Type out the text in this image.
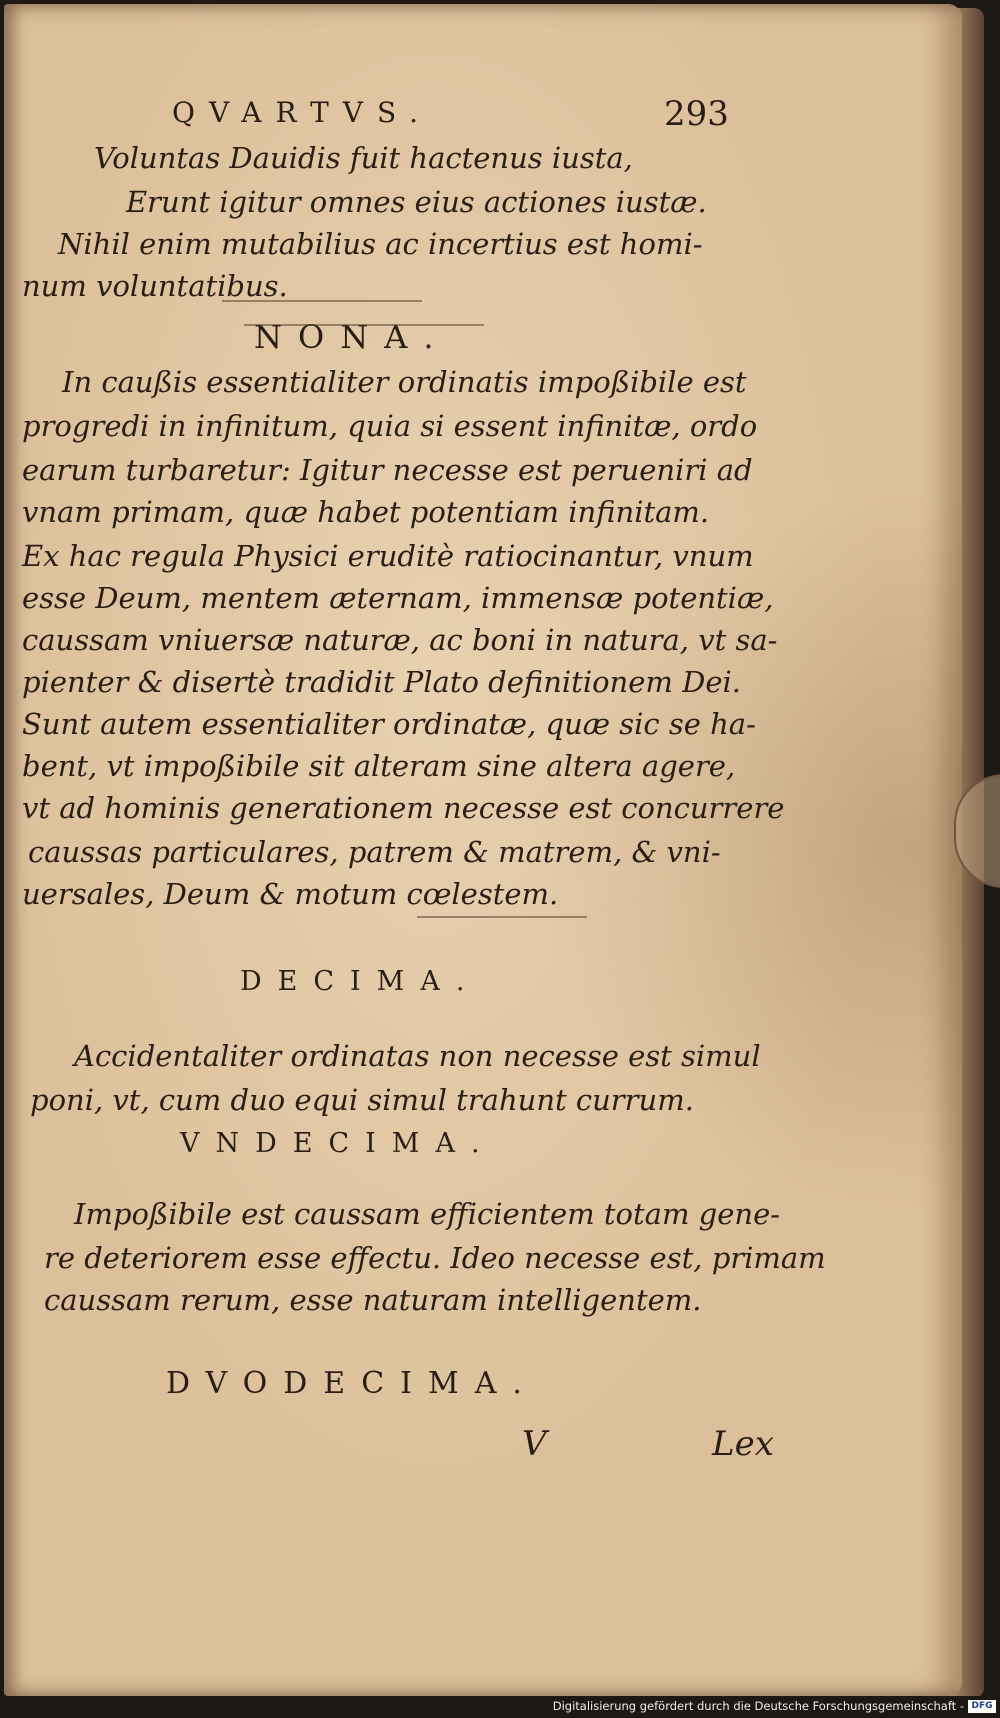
QVARTVS.	293

Voluntas Dauidis fuit hactenus iusta,

Erunt igitur omnes eius actiones iustæ.

Nihil enim mutabilius ac incertius est homi-

num voluntatibus.

NONA.

In caußis essentialiter ordinatis impoßibile est

progredi in infinitum, quia si essent infinitæ, ordo

earum turbaretur: Igitur necesse est perueniri ad

vnam primam, quæ habet potentiam infinitam.

Ex hac regula Physici eruditè ratiocinantur, vnum

esse Deum, mentem æternam, immensæ potentiæ,

caussam vniuersæ naturæ, ac boni in natura, vt sa-

pienter & disertè tradidit Plato definitionem Dei.

Sunt autem essentialiter ordinatæ, quæ sic se ha-

bent, vt impoßibile sit alteram sine altera agere,

vt ad hominis generationem necesse est concurrere

caussas particulares, patrem & matrem, & vni-

uersales, Deum & motum cœlestem.

DECIMA.

Accidentaliter ordinatas non necesse est simul

poni, vt, cum duo equi simul trahunt currum.

VNDECIMA.

Impoßibile est caussam efficientem totam gene-

re deteriorem esse effectu. Ideo necesse est, primam

caussam rerum, esse naturam intelligentem.

DVODECIMA.

V	Lex
Digitalisierung gefördert durch die Deutsche Forschungsgemeinschaft - DFG
